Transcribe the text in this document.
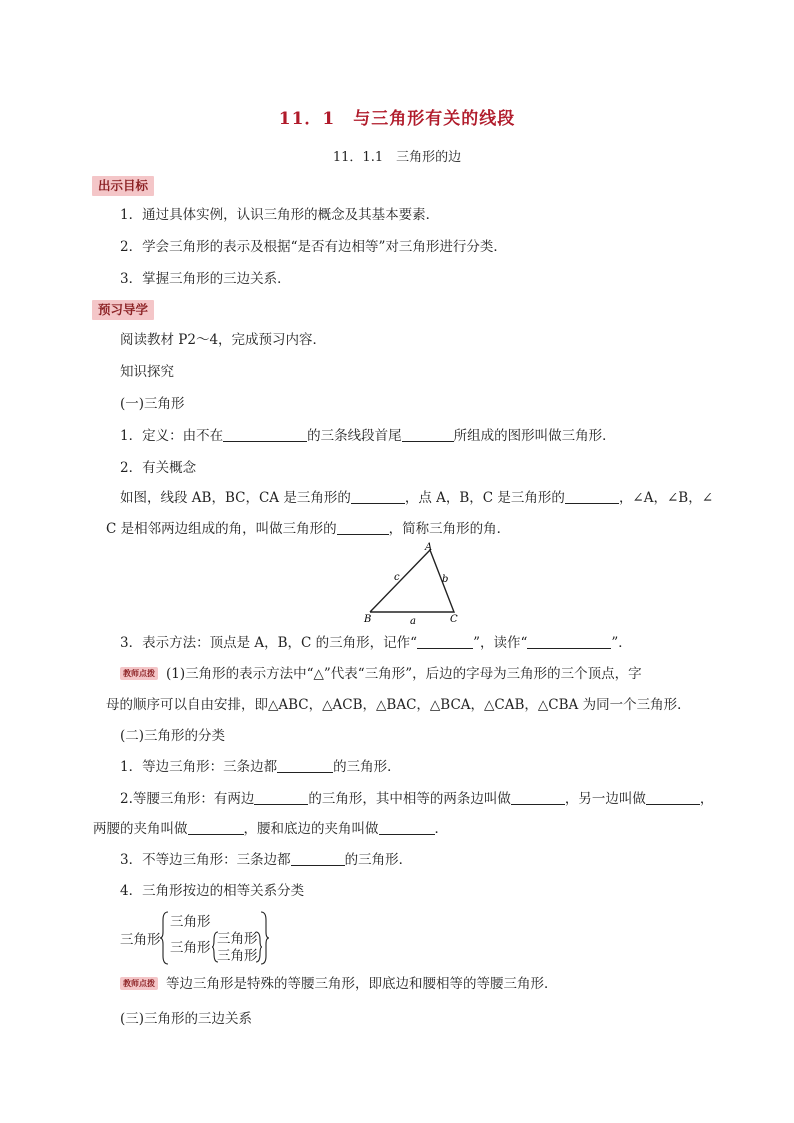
11．1　与三角形有关的线段
11．1.1　三角形的边
出示目标
1．通过具体实例，认识三角形的概念及其基本要素．
2．学会三角形的表示及根据“是否有边相等”对三角形进行分类．
3．掌握三角形的三边关系．
预习导学
阅读教材 P2～4，完成预习内容．
知识探究
(一)三角形
1．定义：由不在	的三条线段首尾	所组成的图形叫做三角形．
2．有关概念
如图，线段 AB，BC，CA 是三角形的	，点 A，B，C 是三角形的	，∠A，∠B，∠
C 是相邻两边组成的角，叫做三角形的	，简称三角形的角．
A
B	C
a
b
c
3．表示方法：顶点是 A，B，C 的三角形，记作“	”，读作“	”．
教师点拨 (1)三角形的表示方法中“△”代表“三角形”，后边的字母为三角形的三个顶点，字
母的顺序可以自由安排，即△ABC，△ACB，△BAC，△BCA，△CAB，△CBA 为同一个三角形．
(二)三角形的分类
1．等边三角形：三条边都	的三角形．
2.等腰三角形：有两边	的三角形，其中相等的两条边叫做	，另一边叫做	，
两腰的夹角叫做	，腰和底边的夹角叫做	．
3．不等边三角形：三条边都	的三角形．
4．三角形按边的相等关系分类
三角形
三角形
三角形
三角形
三角形
教师点拨 等边三角形是特殊的等腰三角形，即底边和腰相等的等腰三角形．
(三)三角形的三边关系
